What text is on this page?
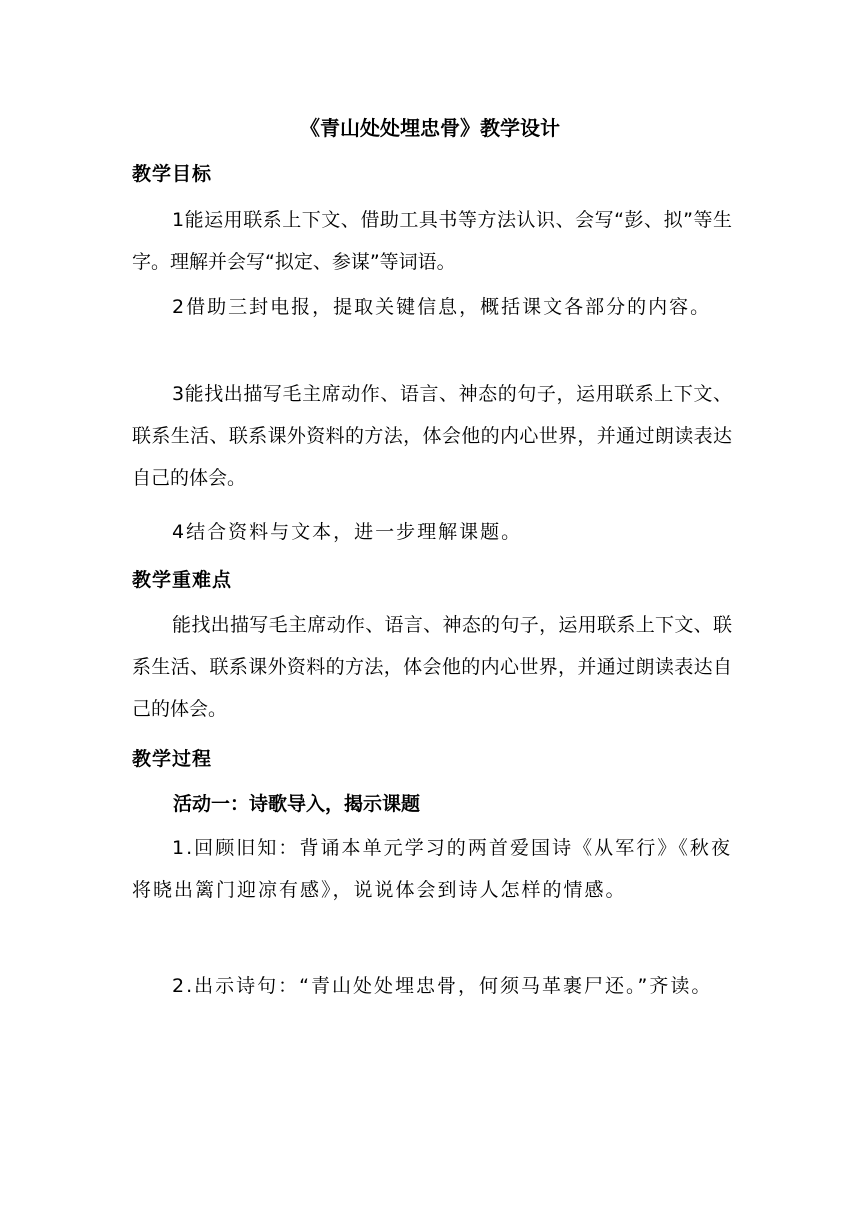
《青山处处埋忠骨》教学设计
教学目标

1能运用联系上下文、借助工具书等方法认识、会写“彭、拟”等生字。理解并会写“拟定、参谋”等词语。

2借助三封电报，提取关键信息，概括课文各部分的内容。

3能找出描写毛主席动作、语言、神态的句子，运用联系上下文、联系生活、联系课外资料的方法，体会他的内心世界，并通过朗读表达自己的体会。

4结合资料与文本，进一步理解课题。

教学重难点

能找出描写毛主席动作、语言、神态的句子，运用联系上下文、联系生活、联系课外资料的方法，体会他的内心世界，并通过朗读表达自己的体会。

教学过程
活动一：诗歌导入，揭示课题

1.回顾旧知：背诵本单元学习的两首爱国诗《从军行》《秋夜将晓出篱门迎凉有感》，说说体会到诗人怎样的情感。

2.出示诗句：“青山处处埋忠骨，何须马革裹尸还。”齐读。
